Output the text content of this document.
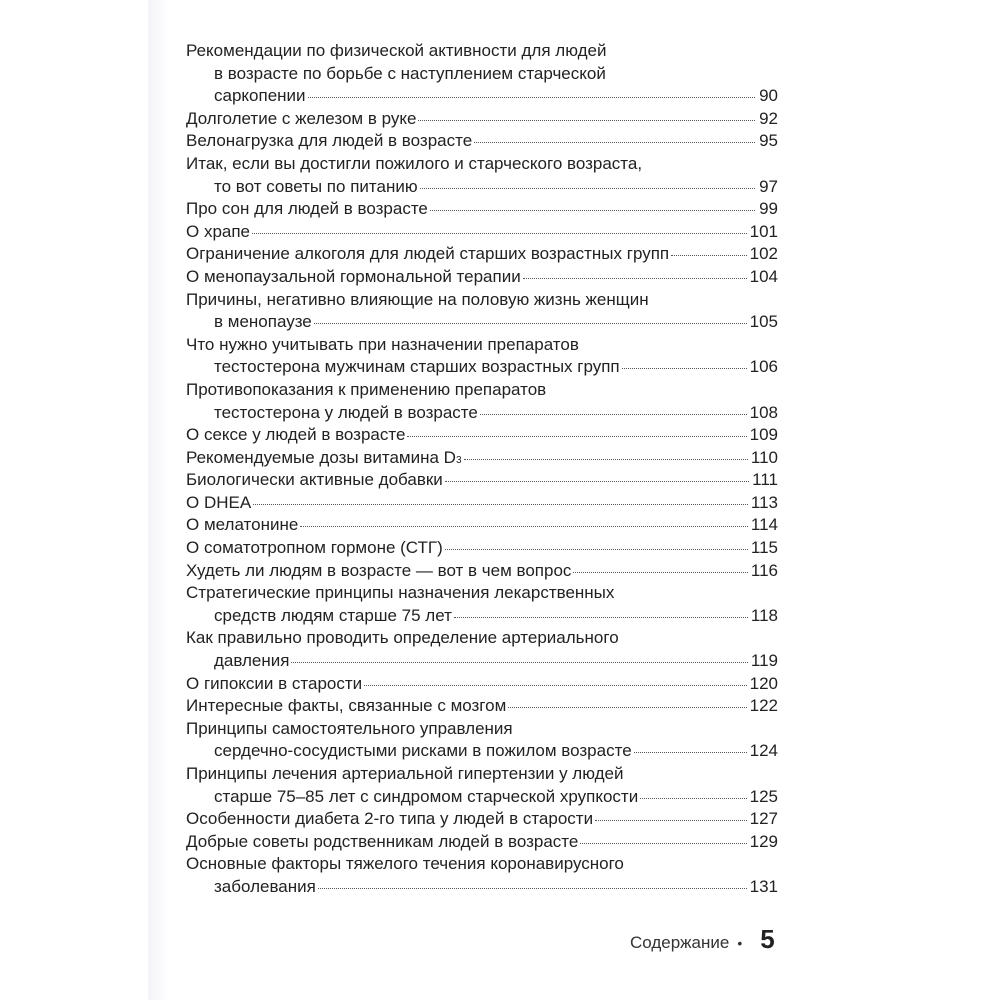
Рекомендации по физической активности для людей
в возрасте по борьбе с наступлением старческой
саркопении	90
Долголетие с железом в руке	92
Велонагрузка для людей в возрасте	95
Итак, если вы достигли пожилого и старческого возраста,
то вот советы по питанию	97
Про сон для людей в возрасте	99
О храпе	101
Ограничение алкоголя для людей старших возрастных групп	102
О менопаузальной гормональной терапии	104
Причины, негативно влияющие на половую жизнь женщин
в менопаузе	105
Что нужно учитывать при назначении препаратов
тестостерона мужчинам старших возрастных групп	106
Противопоказания к применению препаратов
тестостерона у людей в возрасте	108
О сексе у людей в возрасте	109
Рекомендуемые дозы витамина D 3	110
Биологически активные добавки	111
О DHEA	113
О мелатонине	114
О соматотропном гормоне (СТГ)	115
Худеть ли людям в возрасте — вот в чем вопрос	116
Стратегические принципы назначения лекарственных
средств людям старше 75 лет	118
Как правильно проводить определение артериального
давления	119
О гипоксии в старости	120
Интересные факты, связанные с мозгом	122
Принципы самостоятельного управления
сердечно-сосудистыми рисками в пожилом возрасте	124
Принципы лечения артериальной гипертензии у людей
старше 75–85 лет с синдромом старческой хрупкости	125
Особенности диабета 2-го типа у людей в старости	127
Добрые советы родственникам людей в возрасте	129
Основные факторы тяжелого течения коронавирусного
заболевания	131
Содержание • 5
